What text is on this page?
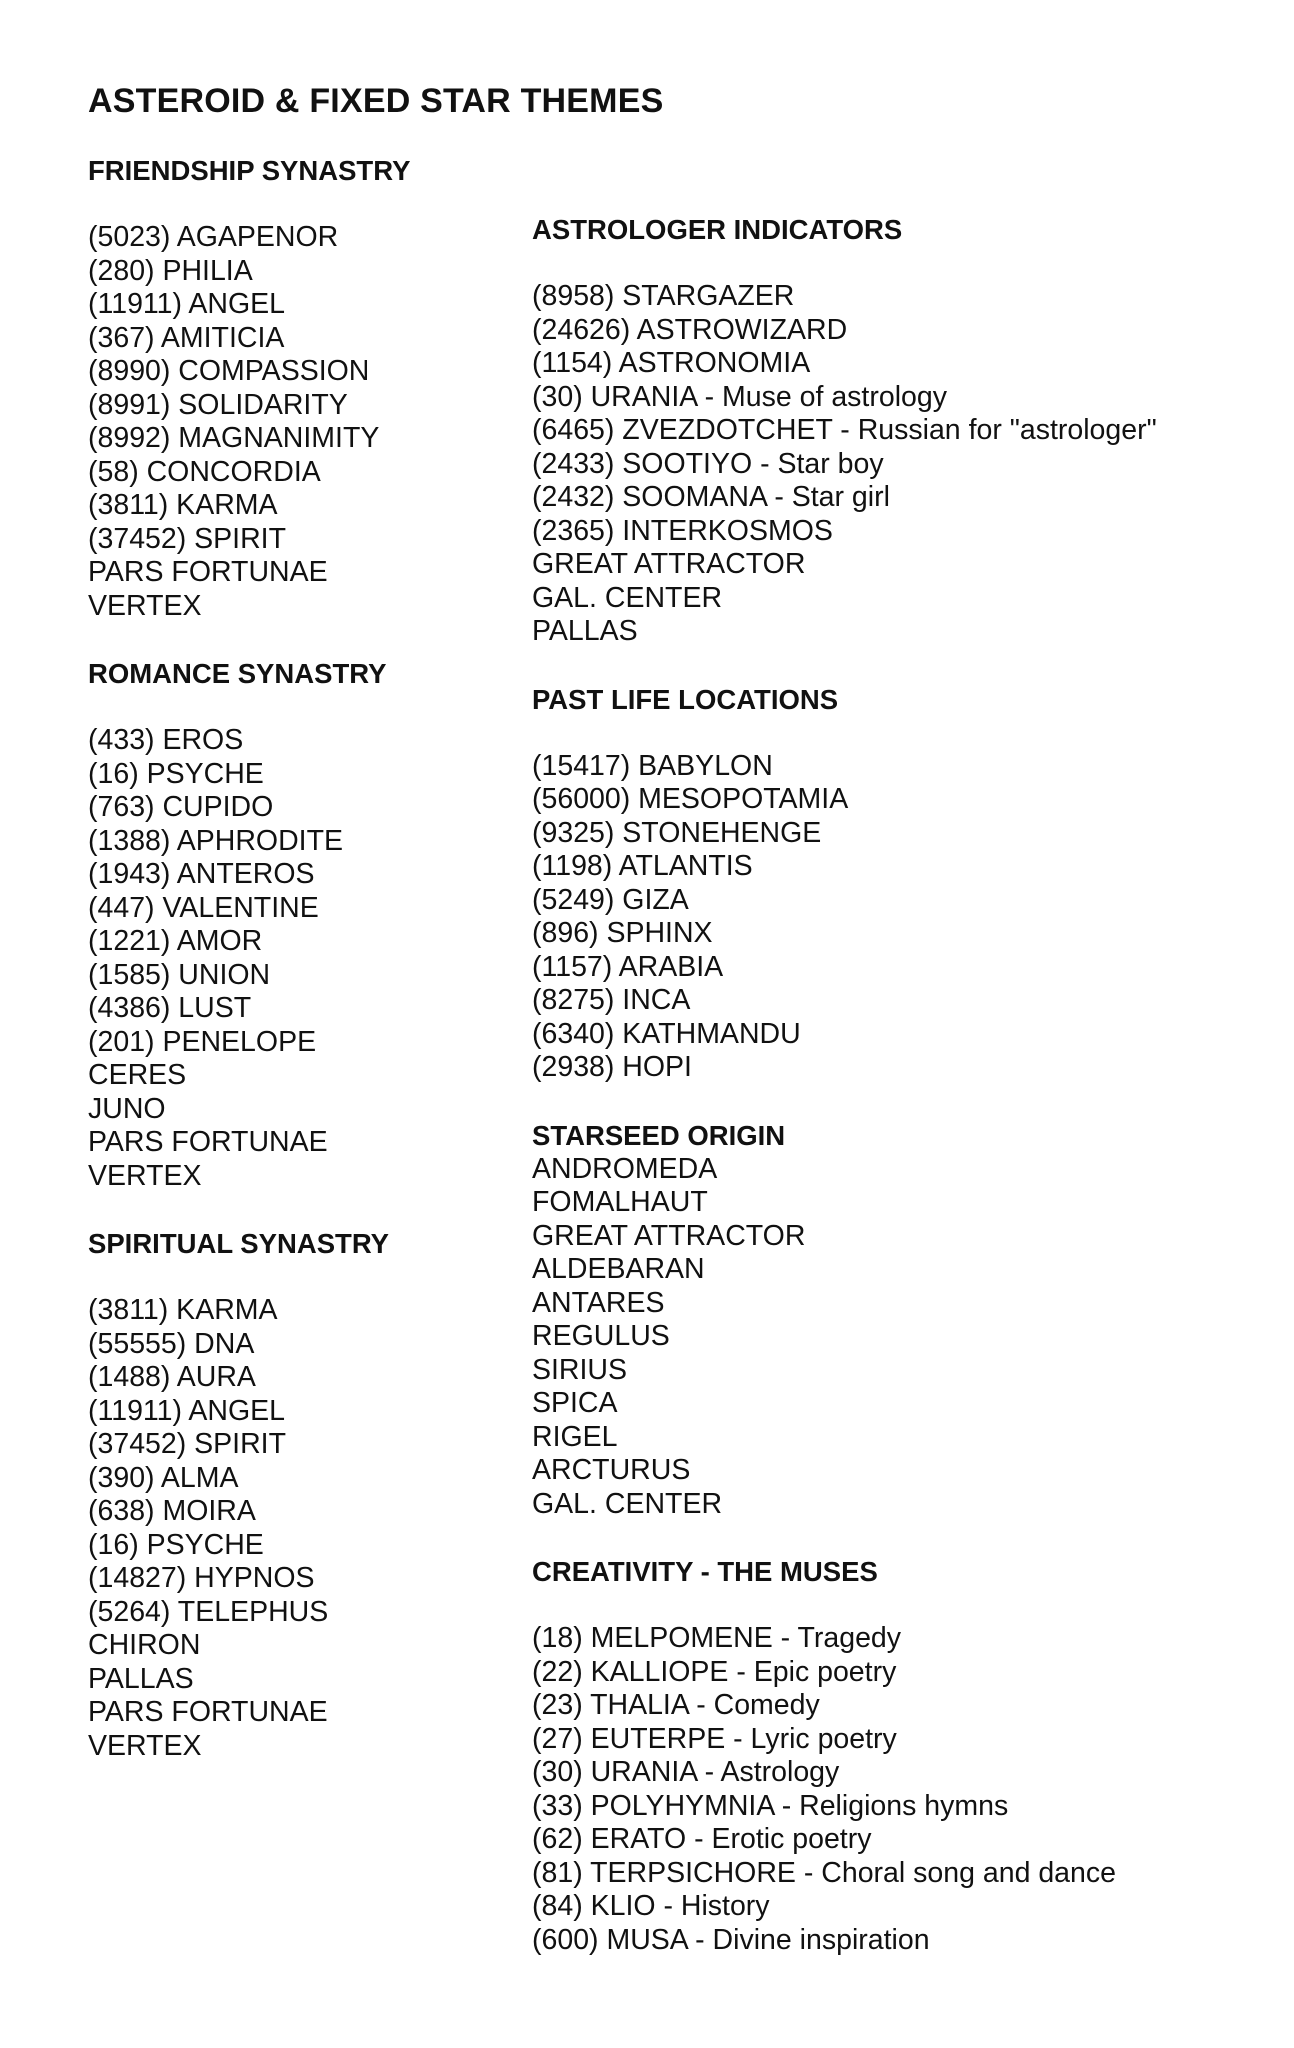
ASTEROID & FIXED STAR THEMES
FRIENDSHIP SYNASTRY
(5023) AGAPENOR
(280) PHILIA
(11911) ANGEL
(367) AMITICIA
(8990) COMPASSION
(8991) SOLIDARITY
(8992) MAGNANIMITY
(58) CONCORDIA
(3811) KARMA
(37452) SPIRIT
PARS FORTUNAE
VERTEX
ROMANCE SYNASTRY
(433) EROS
(16) PSYCHE
(763) CUPIDO
(1388) APHRODITE
(1943) ANTEROS
(447) VALENTINE
(1221) AMOR
(1585) UNION
(4386) LUST
(201) PENELOPE
CERES
JUNO
PARS FORTUNAE
VERTEX
SPIRITUAL SYNASTRY
(3811) KARMA
(55555) DNA
(1488) AURA
(11911) ANGEL
(37452) SPIRIT
(390) ALMA
(638) MOIRA
(16) PSYCHE
(14827) HYPNOS
(5264) TELEPHUS
CHIRON
PALLAS
PARS FORTUNAE
VERTEX
ASTROLOGER INDICATORS
(8958) STARGAZER
(24626) ASTROWIZARD
(1154) ASTRONOMIA
(30) URANIA - Muse of astrology
(6465) ZVEZDOTCHET - Russian for "astrologer"
(2433) SOOTIYO - Star boy
(2432) SOOMANA - Star girl
(2365) INTERKOSMOS
GREAT ATTRACTOR
GAL. CENTER
PALLAS
PAST LIFE LOCATIONS
(15417) BABYLON
(56000) MESOPOTAMIA
(9325) STONEHENGE
(1198) ATLANTIS
(5249) GIZA
(896) SPHINX
(1157) ARABIA
(8275) INCA
(6340) KATHMANDU
(2938) HOPI
STARSEED ORIGIN
ANDROMEDA
FOMALHAUT
GREAT ATTRACTOR
ALDEBARAN
ANTARES
REGULUS
SIRIUS
SPICA
RIGEL
ARCTURUS
GAL. CENTER
CREATIVITY - THE MUSES
(18) MELPOMENE - Tragedy
(22) KALLIOPE - Epic poetry
(23) THALIA - Comedy
(27) EUTERPE - Lyric poetry
(30) URANIA - Astrology
(33) POLYHYMNIA - Religions hymns
(62) ERATO - Erotic poetry
(81) TERPSICHORE - Choral song and dance
(84) KLIO - History
(600) MUSA - Divine inspiration
